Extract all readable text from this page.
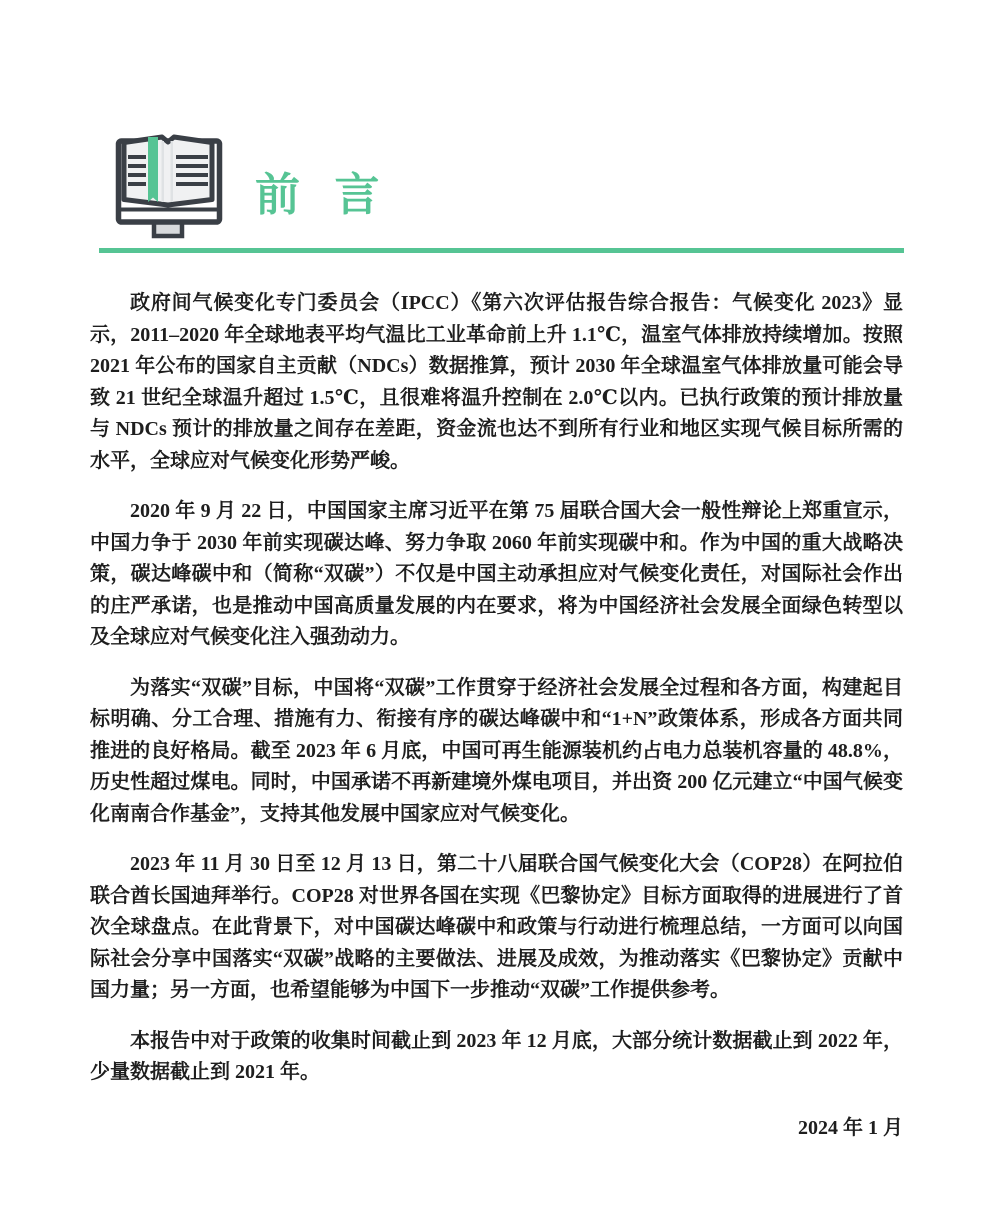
前 言

政府间气候变化专门委员会（IPCC）《第六次评估报告综合报告：气候变化 2023》显示，2011–2020 年全球地表平均气温比工业革命前上升 1.1℃，温室气体排放持续增加。按照 2021 年公布的国家自主贡献（NDCs）数据推算，预计 2030 年全球温室气体排放量可能会导致 21 世纪全球温升超过 1.5℃，且很难将温升控制在 2.0℃以内。已执行政策的预计排放量与 NDCs 预计的排放量之间存在差距，资金流也达不到所有行业和地区实现气候目标所需的水平，全球应对气候变化形势严峻。

2020 年 9 月 22 日，中国国家主席习近平在第 75 届联合国大会一般性辩论上郑重宣示，中国力争于 2030 年前实现碳达峰、努力争取 2060 年前实现碳中和。作为中国的重大战略决策，碳达峰碳中和（简称“双碳”）不仅是中国主动承担应对气候变化责任，对国际社会作出的庄严承诺，也是推动中国高质量发展的内在要求，将为中国经济社会发展全面绿色转型以及全球应对气候变化注入强劲动力。

为落实“双碳”目标，中国将“双碳”工作贯穿于经济社会发展全过程和各方面，构建起目标明确、分工合理、措施有力、衔接有序的碳达峰碳中和“1+N”政策体系，形成各方面共同推进的良好格局。截至 2023 年 6 月底，中国可再生能源装机约占电力总装机容量的 48.8%，历史性超过煤电。同时，中国承诺不再新建境外煤电项目，并出资 200 亿元建立“中国气候变化南南合作基金”，支持其他发展中国家应对气候变化。

2023 年 11 月 30 日至 12 月 13 日，第二十八届联合国气候变化大会（COP28）在阿拉伯联合酋长国迪拜举行。COP28 对世界各国在实现《巴黎协定》目标方面取得的进展进行了首次全球盘点。在此背景下，对中国碳达峰碳中和政策与行动进行梳理总结，一方面可以向国际社会分享中国落实“双碳”战略的主要做法、进展及成效，为推动落实《巴黎协定》贡献中国力量；另一方面，也希望能够为中国下一步推动“双碳”工作提供参考。

本报告中对于政策的收集时间截止到 2023 年 12 月底，大部分统计数据截止到 2022 年，少量数据截止到 2021 年。

2024 年 1 月
